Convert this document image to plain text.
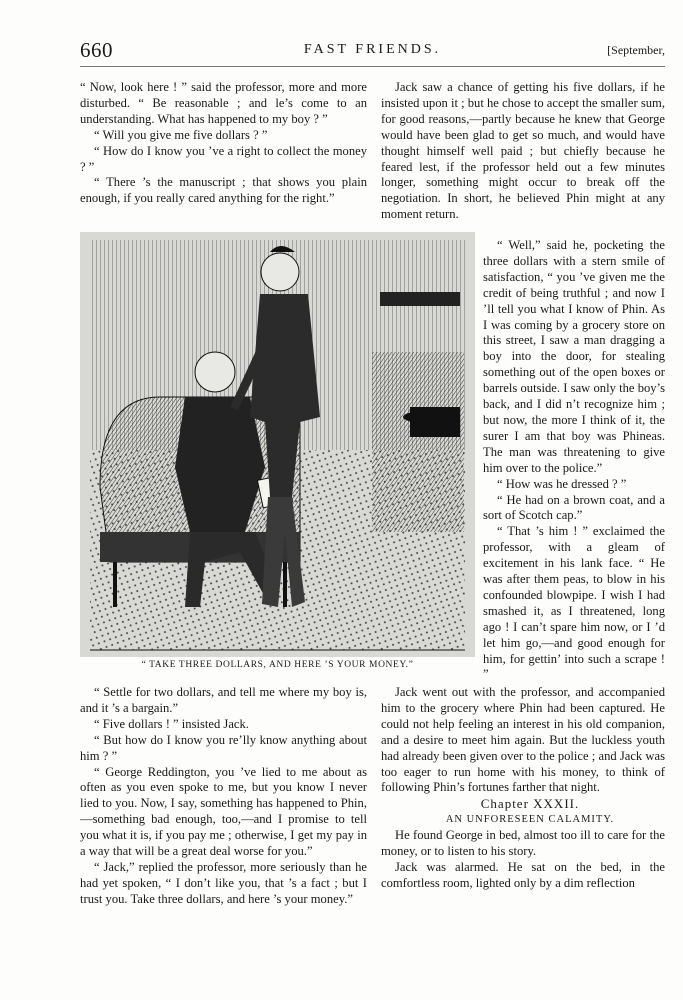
660	FAST FRIENDS.	[September,

“ Now, look here ! ” said the professor, more and more disturbed. “ Be reasonable ; and le’s come to an understanding. What has happened to my boy ? ”

“ Will you give me five dollars ? ”

“ How do I know you ’ve a right to collect the money ? ”

“ There ’s the manuscript ; that shows you plain enough, if you really cared anything for the right.”

Jack saw a chance of getting his five dollars, if he insisted upon it ; but he chose to accept the smaller sum, for good reasons,—partly because he knew that George would have been glad to get so much, and would have thought himself well paid ; but chiefly because he feared lest, if the professor held out a few minutes longer, something might occur to break off the negotiation. In short, he believed Phin might at any moment return.

“ TAKE THREE DOLLARS, AND HERE ’S YOUR MONEY.”

“ Well,” said he, pocketing the three dollars with a stern smile of satisfaction, “ you ’ve given me the credit of being truthful ; and now I ’ll tell you what I know of Phin. As I was coming by a grocery store on this street, I saw a man dragging a boy into the door, for stealing something out of the open boxes or barrels outside. I saw only the boy’s back, and I did n’t recognize him ; but now, the more I think of it, the surer I am that boy was Phineas. The man was threatening to give him over to the police.”

“ How was he dressed ? ”

“ He had on a brown coat, and a sort of Scotch cap.”

“ That ’s him ! ” exclaimed the professor, with a gleam of excitement in his lank face. “ He was after them peas, to blow in his confounded blowpipe. I wish I had smashed it, as I threatened, long ago ! I can’t spare him now, or I ’d let him go,—and good enough for him, for gettin’ into such a scrape ! ”

“ Settle for two dollars, and tell me where my boy is, and it ’s a bargain.”

“ Five dollars ! ” insisted Jack.

“ But how do I know you re’lly know anything about him ? ”

“ George Reddington, you ’ve lied to me about as often as you even spoke to me, but you know I never lied to you. Now, I say, something has happened to Phin,—something bad enough, too,—and I promise to tell you what it is, if you pay me ; otherwise, I get my pay in a way that will be a great deal worse for you.”

“ Jack,” replied the professor, more seriously than he had yet spoken, “ I don’t like you, that ’s a fact ; but I trust you. Take three dollars, and here ’s your money.”

Jack went out with the professor, and accompanied him to the grocery where Phin had been captured. He could not help feeling an interest in his old companion, and a desire to meet him again. But the luckless youth had already been given over to the police ; and Jack was too eager to run home with his money, to think of following Phin’s fortunes farther that night.

Chapter XXXII.

AN UNFORESEEN CALAMITY.

He found George in bed, almost too ill to care for the money, or to listen to his story.

Jack was alarmed. He sat on the bed, in the comfortless room, lighted only by a dim reflection
